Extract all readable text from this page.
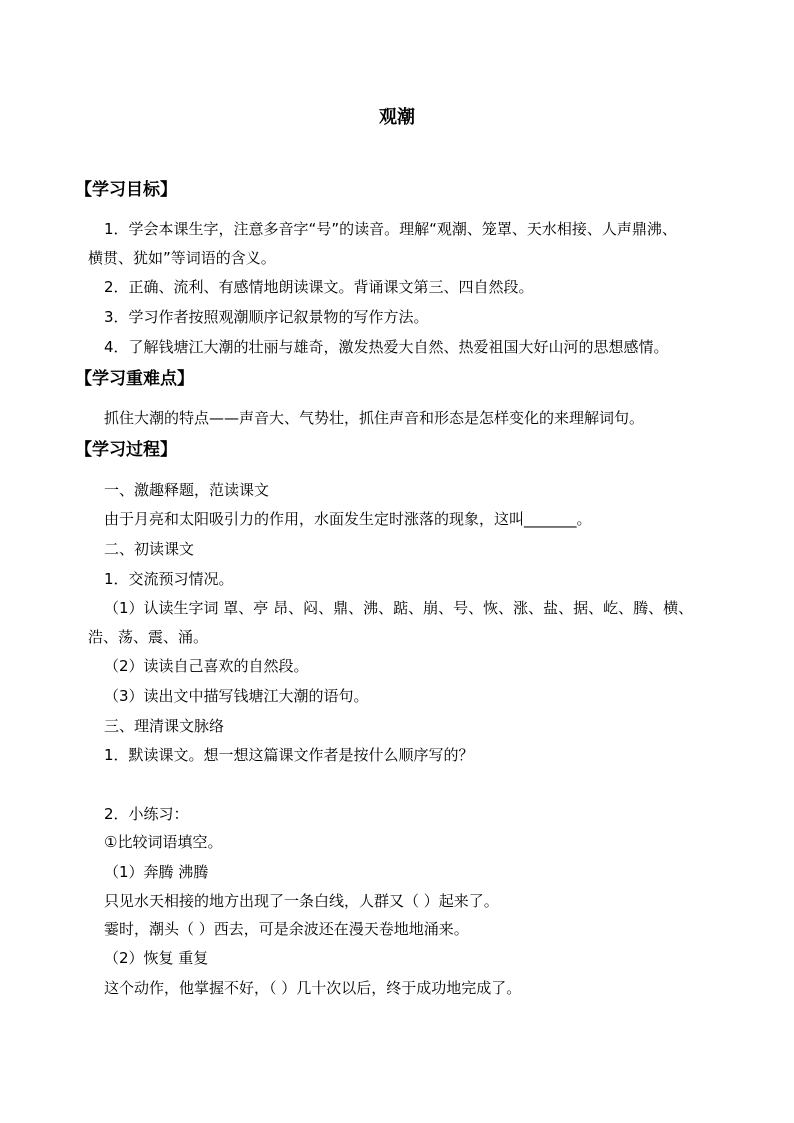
观潮
【学习目标】
1．学会本课生字，注意多音字“号”的读音。理解“观潮、笼罩、天水相接、人声鼎沸、
横贯、犹如”等词语的含义。
2．正确、流利、有感情地朗读课文。背诵课文第三、四自然段。
3．学习作者按照观潮顺序记叙景物的写作方法。
4．了解钱塘江大潮的壮丽与雄奇，激发热爱大自然、热爱祖国大好山河的思想感情。
【学习重难点】
抓住大潮的特点——声音大、气势壮，抓住声音和形态是怎样变化的来理解词句。
【学习过程】
一、激趣释题，范读课文
由于月亮和太阳吸引力的作用，水面发生定时涨落的现象，这叫_______。
二、初读课文
1．交流预习情况。
（1）认读生字词 罩、亭 昂、闷、鼎、沸、踮、崩、号、恢、涨、盐、据、屹、腾、横、
浩、荡、震、涌。
（2）读读自己喜欢的自然段。
（3）读出文中描写钱塘江大潮的语句。
三、理清课文脉络
1．默读课文。想一想这篇课文作者是按什么顺序写的？
2．小练习：
①比较词语填空。
（1）奔腾 沸腾
只见水天相接的地方出现了一条白线，人群又（ ）起来了。
霎时，潮头（ ）西去，可是余波还在漫天卷地地涌来。
（2）恢复 重复
这个动作，他掌握不好，（ ）几十次以后，终于成功地完成了。
